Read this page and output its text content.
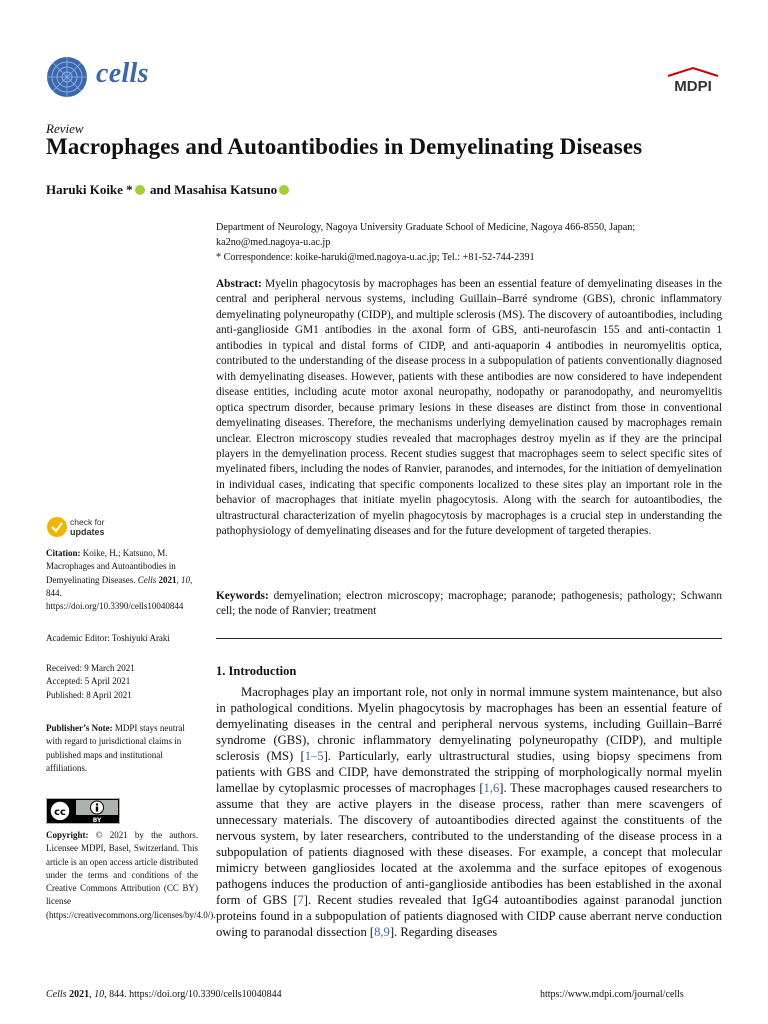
cells	MDPI
Review
Macrophages and Autoantibodies in Demyelinating Diseases
Haruki Koike * and Masahisa Katsuno
Department of Neurology, Nagoya University Graduate School of Medicine, Nagoya 466-8550, Japan;
ka2no@med.nagoya-u.ac.jp
* Correspondence: koike-haruki@med.nagoya-u.ac.jp; Tel.: +81-52-744-2391
Abstract: Myelin phagocytosis by macrophages has been an essential feature of demyelinating diseases in the central and peripheral nervous systems, including Guillain–Barré syndrome (GBS), chronic inflammatory demyelinating polyneuropathy (CIDP), and multiple sclerosis (MS). The discovery of autoantibodies, including anti-ganglioside GM1 antibodies in the axonal form of GBS, anti-neurofascin 155 and anti-contactin 1 antibodies in typical and distal forms of CIDP, and anti-aquaporin 4 antibodies in neuromyelitis optica, contributed to the understanding of the disease process in a subpopulation of patients conventionally diagnosed with demyelinating diseases. However, patients with these antibodies are now considered to have independent disease entities, including acute motor axonal neuropathy, nodopathy or paranodopathy, and neuromyelitis optica spectrum disorder, because primary lesions in these diseases are distinct from those in conventional demyelinating diseases. Therefore, the mechanisms underlying demyelination caused by macrophages remain unclear. Electron microscopy studies revealed that macrophages destroy myelin as if they are the principal players in the demyelination process. Recent studies suggest that macrophages seem to select specific sites of myelinated fibers, including the nodes of Ranvier, paranodes, and internodes, for the initiation of demyelination in individual cases, indicating that specific components localized to these sites play an important role in the behavior of macrophages that initiate myelin phagocytosis. Along with the search for autoantibodies, the ultrastructural characterization of myelin phagocytosis by macrophages is a crucial step in understanding the pathophysiology of demyelinating diseases and for the future development of targeted therapies.
Keywords: demyelination; electron microscopy; macrophage; paranode; pathogenesis; pathology; Schwann cell; the node of Ranvier; treatment
1. Introduction

Macrophages play an important role, not only in normal immune system maintenance, but also in pathological conditions. Myelin phagocytosis by macrophages has been an essential feature of demyelinating diseases in the central and peripheral nervous systems, including Guillain–Barré syndrome (GBS), chronic inflammatory demyelinating polyneuropathy (CIDP), and multiple sclerosis (MS) [1–5]. Particularly, early ultrastructural studies, using biopsy specimens from patients with GBS and CIDP, have demonstrated the stripping of morphologically normal myelin lamellae by cytoplasmic processes of macrophages [1,6]. These macrophages caused researchers to assume that they are active players in the disease process, rather than mere scavengers of unnecessary materials. The discovery of autoantibodies directed against the constituents of the nervous system, by later researchers, contributed to the understanding of the disease process in a subpopulation of patients diagnosed with these diseases. For example, a concept that molecular mimicry between gangliosides located at the axolemma and the surface epitopes of exogenous pathogens induces the production of anti-ganglioside antibodies has been established in the axonal form of GBS [7]. Recent studies revealed that IgG4 autoantibodies against paranodal junction proteins found in a subpopulation of patients diagnosed with CIDP cause aberrant nerve conduction owing to paranodal dissection [8,9]. Regarding diseases

check for
updates
Citation: Koike, H.; Katsuno, M. Macrophages and Autoantibodies in Demyelinating Diseases. Cells 2021, 10, 844. https://doi.org/10.3390/cells10040844
Academic Editor: Toshiyuki Araki
Received: 9 March 2021
Accepted: 5 April 2021
Published: 8 April 2021
Publisher’s Note: MDPI stays neutral with regard to jurisdictional claims in published maps and institutional affiliations.
cc
BY
Copyright: © 2021 by the authors. Licensee MDPI, Basel, Switzerland. This article is an open access article distributed under the terms and conditions of the Creative Commons Attribution (CC BY) license (https://creativecommons.org/licenses/by/4.0/).
Cells 2021, 10, 844. https://doi.org/10.3390/cells10040844	https://www.mdpi.com/journal/cells
